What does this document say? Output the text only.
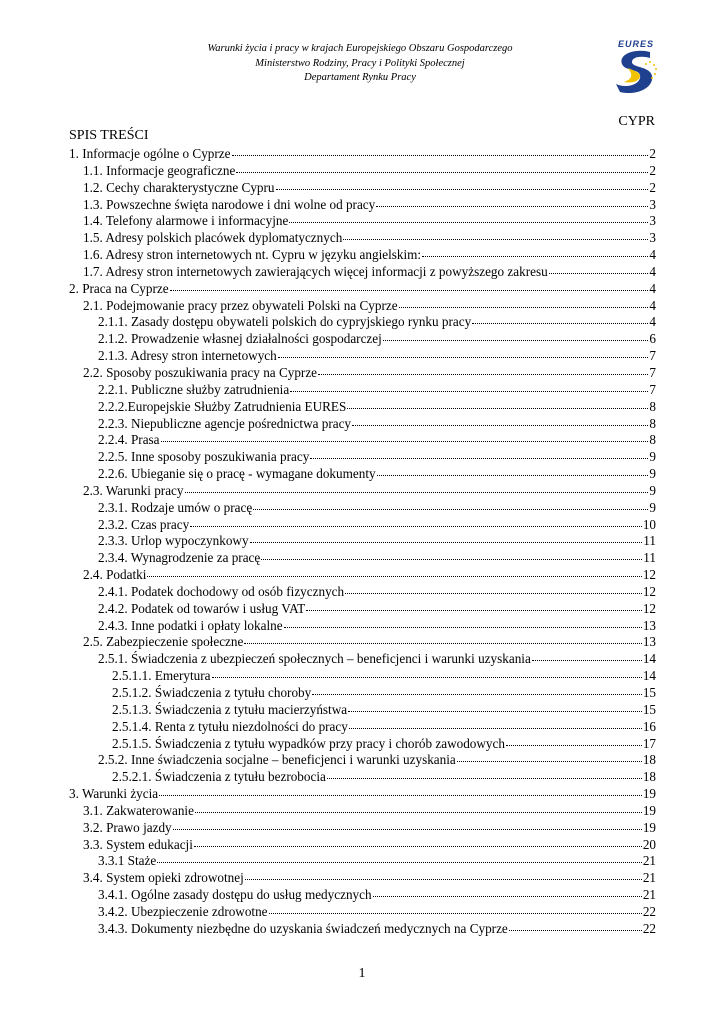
Warunki życia i pracy w krajach Europejskiego Obszaru Gospodarczego
Ministerstwo Rodziny, Pracy i Polityki Społecznej
Departament Rynku Pracy
EURES
CYPR
SPIS TREŚCI
1. Informacje ogólne o Cyprze	2
1.1. Informacje geograficzne	2
1.2. Cechy charakterystyczne Cypru	2
1.3. Powszechne święta narodowe i dni wolne od pracy	3
1.4. Telefony alarmowe i informacyjne	3
1.5. Adresy polskich placówek dyplomatycznych	3
1.6. Adresy stron internetowych nt. Cypru w języku angielskim:	4
1.7. Adresy stron internetowych zawierających więcej informacji z powyższego zakresu	4
2. Praca na Cyprze	4
2.1. Podejmowanie pracy przez obywateli Polski na Cyprze	4
2.1.1. Zasady dostępu obywateli polskich do cypryjskiego rynku pracy	4
2.1.2. Prowadzenie własnej działalności gospodarczej	6
2.1.3. Adresy stron internetowych	7
2.2. Sposoby poszukiwania pracy na Cyprze	7
2.2.1. Publiczne służby zatrudnienia	7
2.2.2.Europejskie Służby Zatrudnienia EURES	8
2.2.3. Niepubliczne agencje pośrednictwa pracy	8
2.2.4. Prasa	8
2.2.5. Inne sposoby poszukiwania pracy	9
2.2.6. Ubieganie się o pracę - wymagane dokumenty	9
2.3. Warunki pracy	9
2.3.1. Rodzaje umów o pracę	9
2.3.2. Czas pracy	10
2.3.3. Urlop wypoczynkowy	11
2.3.4. Wynagrodzenie za pracę	11
2.4. Podatki	12
2.4.1. Podatek dochodowy od osób fizycznych	12
2.4.2. Podatek od towarów i usług VAT	12
2.4.3. Inne podatki i opłaty lokalne	13
2.5. Zabezpieczenie społeczne	13
2.5.1. Świadczenia z ubezpieczeń społecznych – beneficjenci i warunki uzyskania	14
2.5.1.1. Emerytura	14
2.5.1.2. Świadczenia z tytułu choroby	15
2.5.1.3. Świadczenia z tytułu macierzyństwa	15
2.5.1.4. Renta z tytułu niezdolności do pracy	16
2.5.1.5. Świadczenia z tytułu wypadków przy pracy i chorób zawodowych	17
2.5.2. Inne świadczenia socjalne – beneficjenci i warunki uzyskania	18
2.5.2.1. Świadczenia z tytułu bezrobocia	18
3. Warunki życia	19
3.1. Zakwaterowanie	19
3.2. Prawo jazdy	19
3.3. System edukacji	20
3.3.1 Staże	21
3.4. System opieki zdrowotnej	21
3.4.1. Ogólne zasady dostępu do usług medycznych	21
3.4.2. Ubezpieczenie zdrowotne	22
3.4.3. Dokumenty niezbędne do uzyskania świadczeń medycznych na Cyprze	22
1
